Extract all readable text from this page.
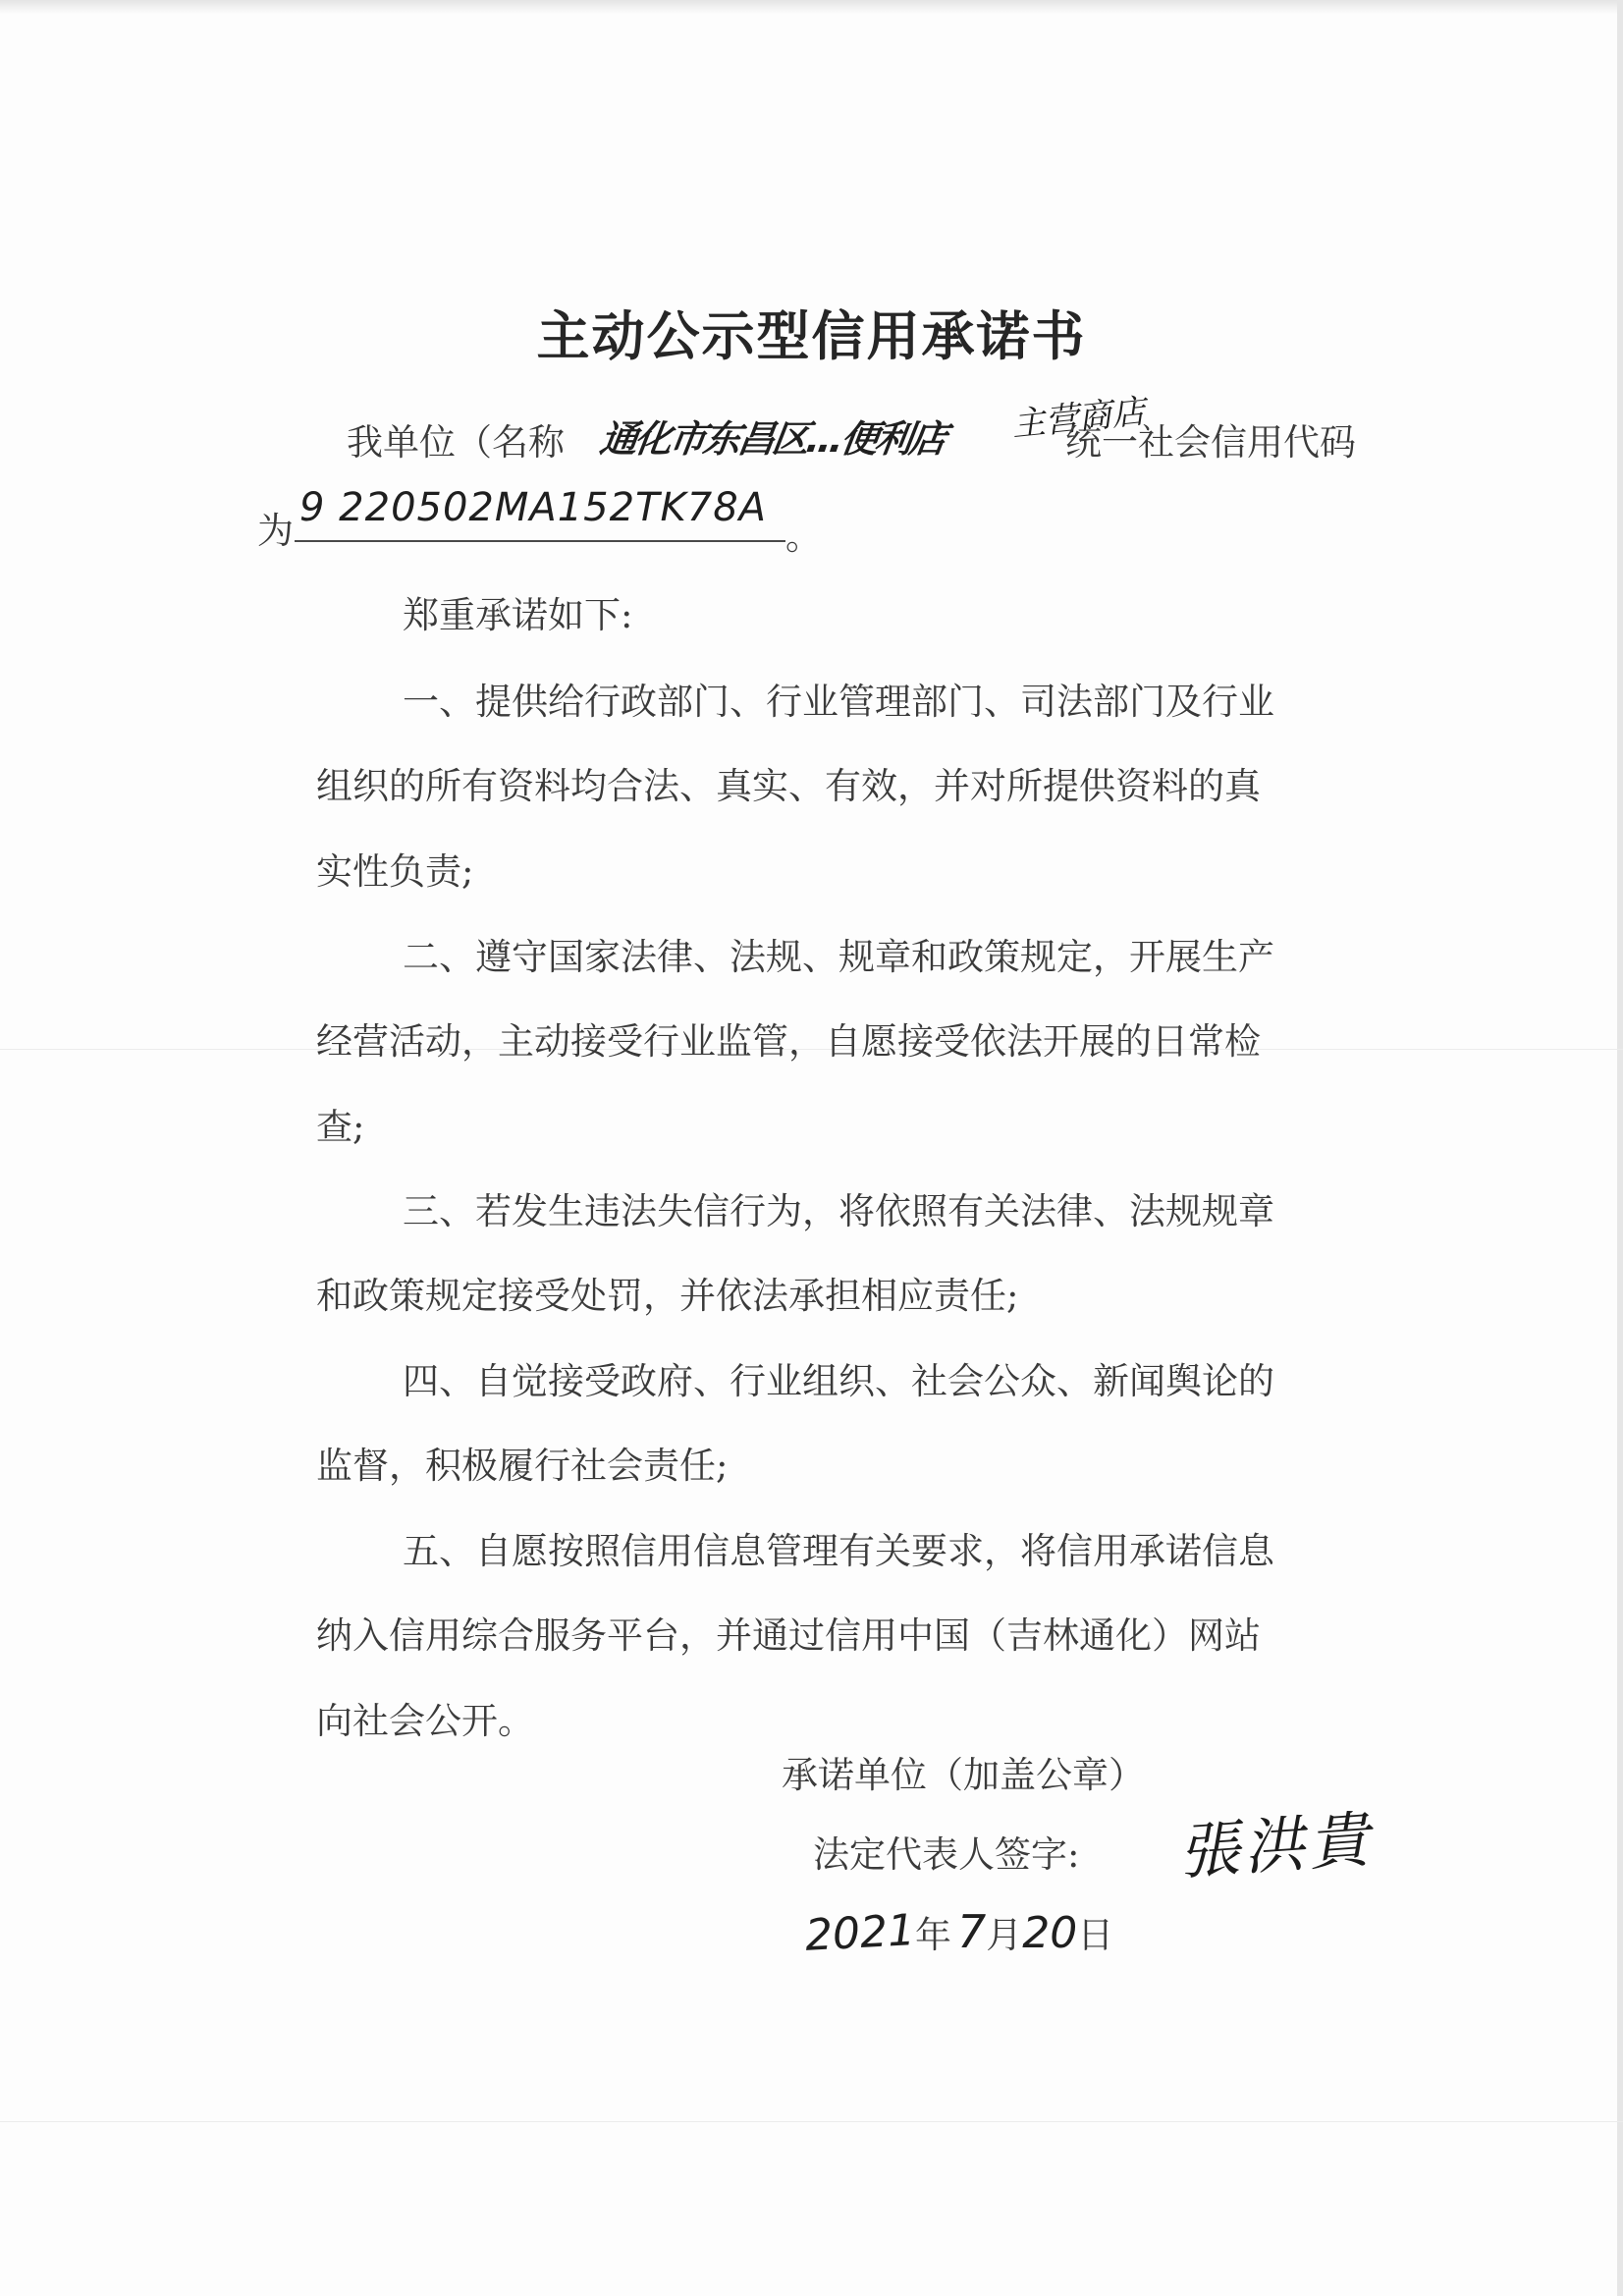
主动公示型信用承诺书
我单位（名称 通化市东昌区…便利店 主营商店
统一社会信用代码
为
9 220502MA152TK78A
。
郑重承诺如下:
一、提供给行政部门、行业管理部门、司法部门及行业
组织的所有资料均合法、真实、有效，并对所提供资料的真
实性负责;
二、遵守国家法律、法规、规章和政策规定，开展生产
经营活动，主动接受行业监管，自愿接受依法开展的日常检
查;
三、若发生违法失信行为，将依照有关法律、法规规章
和政策规定接受处罚，并依法承担相应责任;
四、自觉接受政府、行业组织、社会公众、新闻舆论的
监督，积极履行社会责任;
五、自愿按照信用信息管理有关要求，将信用承诺信息
纳入信用综合服务平台，并通过信用中国（吉林通化）网站
向社会公开。
承诺单位（加盖公章）
法定代表人签字: 張洪貴
2021年 7月20日
